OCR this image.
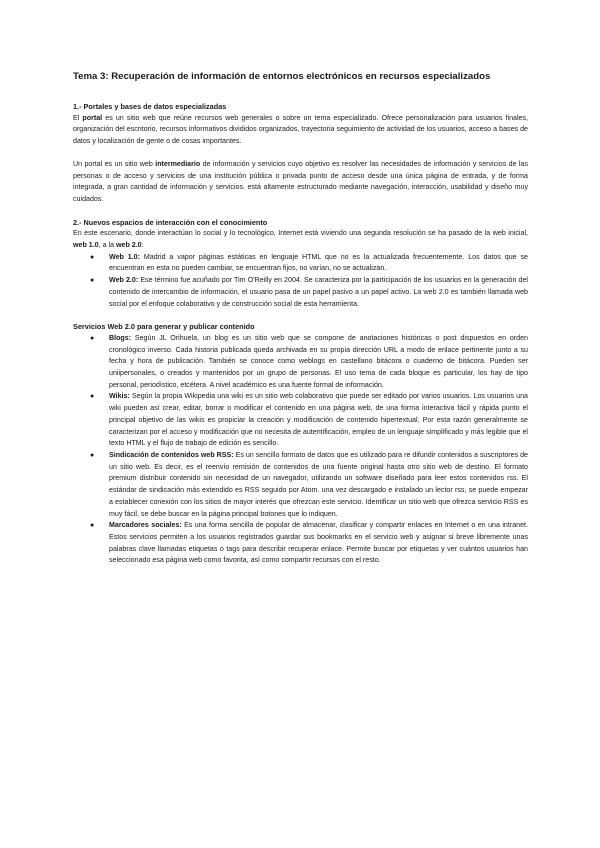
Tema 3: Recuperación de información de entornos electrónicos en recursos especializados
1.- Portales y bases de datos especializadas

El portal es un sitio web que reúne recursos web generales o sobre un tema especializado. Ofrece personalización para usuarios finales, organización del escritorio, recursos informativos divididos organizados, trayectoria seguimiento de actividad de los usuarios, acceso a bases de datos y localización de gente o de cosas importantes.

Un portal es un sitio web intermediario de información y servicios cuyo objetivo es resolver las necesidades de información y servicios de las personas o de acceso y servicios de una institución pública o privada punto de acceso desde una única página de entrada, y de forma integrada, a gran cantidad de información y servicios. está altamente estructurado mediante navegación, interacción, usabilidad y diseño muy cuidados.

2.- Nuevos espacios de interacción con el conocimiento

En este escenario, donde interactúan lo social y lo tecnológico, Internet está viviendo una segunda resolución se ha pasado de la web inicial, web 1.0, a la web 2.0:

● Web 1.0: Madrid a vapor páginas estáticas en lenguaje HTML que no es la actualizada frecuentemente. Los datos que se encuentran en esta no pueden cambiar, se encuentran fijos, no varían, no se actualizan.
● Web 2.0: Ese término fue acuñado por Tim O'Reilly en 2004. Se caracteriza por la participación de los usuarios en la generación del contenido de intercambio de información, el usuario pasa de un papel pasivo a un papel activo. La web 2.0 es también llamada web social por el enfoque colaborativo y de construcción social de esta herramienta.
Servicios Web 2.0 para generar y publicar contenido
● Blogs: Según JL Orihuela, un blog es un sitio web que se compone de anotaciones históricas o post dispuestos en orden cronológico inverso. Cada historia publicada queda archivada en su propia dirección URL a modo de enlace pertinente junto a su fecha y hora de publicación. También se conoce como weblogs en castellano bitácora o cuaderno de bitácora. Pueden ser uniipersonales, o creados y mantenidos por un grupo de personas. El uso tema de cada bloque es particular, los hay de tipo personal, periodístico, etcétera. A nivel académico es una fuente formal de información.
● Wikis: Según la propia Wikipedia una wiki es un sitio web colaborativo que puede ser editado por varios usuarios. Los usuarios una wiki pueden así crear, editar, borrar o modificar el contenido en una página web, de una forma interactiva fácil y rápida punto el principal objetivo de las wikis es propiciar la creación y modificación de contenido hipertextual. Por esta razón generalmente se caracterizan por el acceso y modificación que no necesita de autentificación, empleo de un lenguaje simplificado y más legible que el texto HTML y el flujo de trabajo de edición es sencillo.
● Sindicación de contenidos web RSS: Es un sencillo formato de datos que es utilizado para re difundir contenidos a suscriptores de un sitio web. Es decir, es el reenvío remisión de contenidos de una fuente original hasta otro sitio web de destino. El formato premium distribuir contenido sin necesidad de un navegador, utilizando un software diseñado para leer estos contenidos rss. El estándar de sindicación más extendido es RSS seguido por Atom. una vez descargado e instalado un lector rss, se puede empezar a establecer conexión con los sitios de mayor interés que ofrezcan este servicio. Identificar un sitio web que ofrezca servicio RSS es muy fácil, se debe buscar en la página principal botones que lo indiquen.
● Marcadores sociales: Es una forma sencilla de popular de almacenar, clasificar y compartir enlaces en Internet o en una intranet. Estos servicios permiten a los usuarios registrados guardar sus bookmarks en el servicio web y asignar si breve libremente unas palabras clave llamadas etiquetas o tags para describir recuperar enlace. Permite buscar por etiquetas y ver cuántos usuarios han seleccionado esa página web como favorita, así como compartir recursos con el resto.
